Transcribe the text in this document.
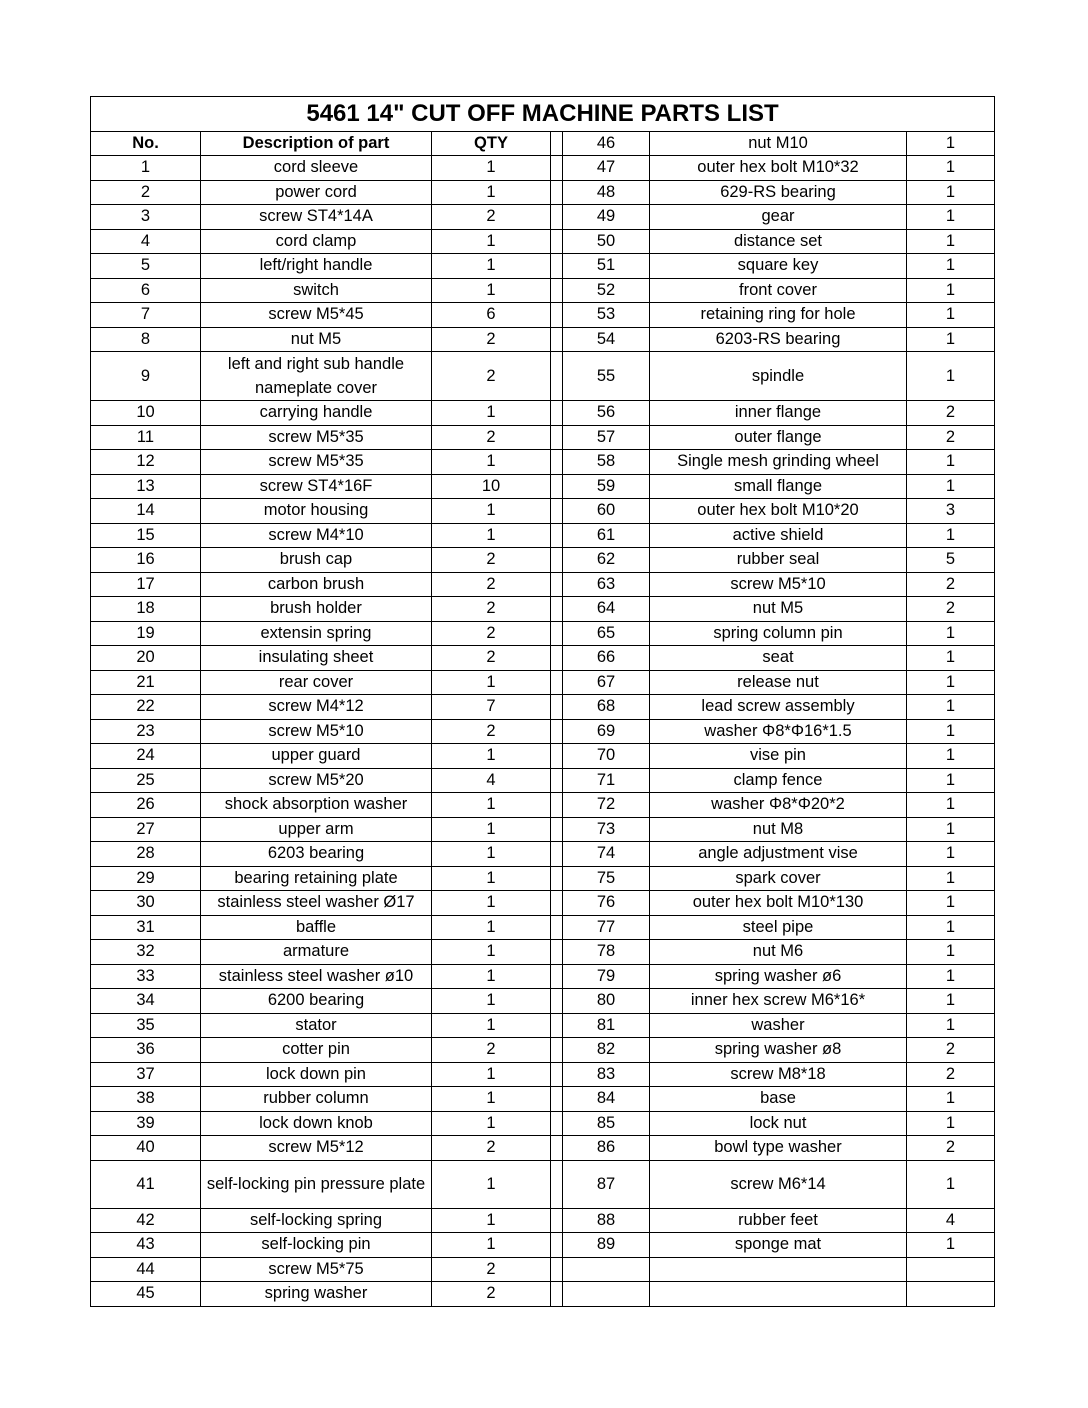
5461 14" CUT OFF MACHINE PARTS LIST						
No.	Description of part	QTY		46	nut M10	1
1	cord sleeve	1		47	outer hex bolt M10*32	1
2	power cord	1		48	629-RS bearing	1
3	screw ST4*14A	2		49	gear	1
4	cord clamp	1		50	distance set	1
5	left/right handle	1		51	square key	1
6	switch	1		52	front cover	1
7	screw M5*45	6		53	retaining ring for hole	1
8	nut M5	2		54	6203-RS bearing	1
9	left and right sub handle nameplate cover	2		55	spindle	1
10	carrying handle	1		56	inner flange	2
11	screw M5*35	2		57	outer flange	2
12	screw M5*35	1		58	Single mesh grinding wheel	1
13	screw ST4*16F	10		59	small flange	1
14	motor housing	1		60	outer hex bolt M10*20	3
15	screw M4*10	1		61	active shield	1
16	brush cap	2		62	rubber seal	5
17	carbon brush	2		63	screw M5*10	2
18	brush holder	2		64	nut M5	2
19	extensin spring	2		65	spring column pin	1
20	insulating sheet	2		66	seat	1
21	rear cover	1		67	release nut	1
22	screw M4*12	7		68	lead screw assembly	1
23	screw M5*10	2		69	washer Φ8*Φ16*1.5	1
24	upper guard	1		70	vise pin	1
25	screw M5*20	4		71	clamp fence	1
26	shock absorption washer	1		72	washer Φ8*Φ20*2	1
27	upper arm	1		73	nut M8	1
28	6203 bearing	1		74	angle adjustment vise	1
29	bearing retaining plate	1		75	spark cover	1
30	stainless steel washer Ø17	1		76	outer hex bolt M10*130	1
31	baffle	1		77	steel pipe	1
32	armature	1		78	nut M6	1
33	stainless steel washer ø10	1		79	spring washer ø6	1
34	6200 bearing	1		80	inner hex screw M6*16*	1
35	stator	1		81	washer	1
36	cotter pin	2		82	spring washer ø8	2
37	lock down pin	1		83	screw M8*18	2
38	rubber column	1		84	base	1
39	lock down knob	1		85	lock nut	1
40	screw M5*12	2		86	bowl type washer	2
41	self-locking pin pressure plate	1		87	screw M6*14	1
42	self-locking spring	1		88	rubber feet	4
43	self-locking pin	1		89	sponge mat	1
44	screw M5*75	2				
45	spring washer	2				
